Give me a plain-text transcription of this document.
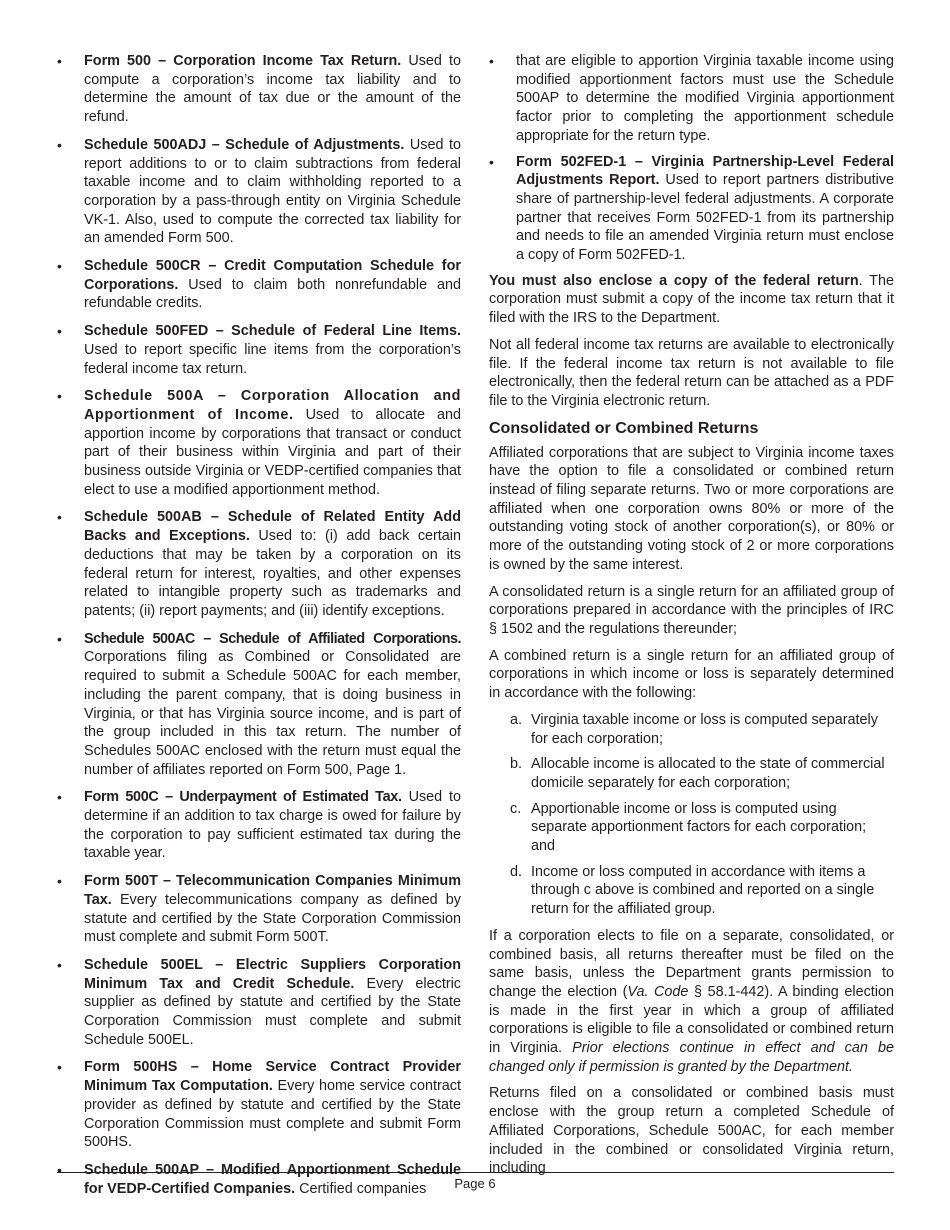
• Form 500 – Corporation Income Tax Return. Used to compute a corporation’s income tax liability and to determine the amount of tax due or the amount of the refund.
• Schedule 500ADJ – Schedule of Adjustments. Used to report additions to or to claim subtractions from federal taxable income and to claim withholding reported to a corporation by a pass-through entity on Virginia Schedule VK-1. Also, used to compute the corrected tax liability for an amended Form 500.
• Schedule 500CR – Credit Computation Schedule for Corporations. Used to claim both nonrefundable and refundable credits.
• Schedule 500FED – Schedule of Federal Line Items. Used to report specific line items from the corporation’s federal income tax return.
• Schedule 500A – Corporation Allocation and Apportionment of Income. Used to allocate and apportion income by corporations that transact or conduct part of their business within Virginia and part of their business outside Virginia or VEDP-certified companies that elect to use a modified apportionment method.
• Schedule 500AB – Schedule of Related Entity Add Backs and Exceptions. Used to: (i) add back certain deductions that may be taken by a corporation on its federal return for interest, royalties, and other expenses related to intangible property such as trademarks and patents; (ii) report payments; and (iii) identify exceptions.
• Schedule 500AC – Schedule of Affiliated Corporations. Corporations filing as Combined or Consolidated are required to submit a Schedule 500AC for each member, including the parent company, that is doing business in Virginia, or that has Virginia source income, and is part of the group included in this tax return. The number of Schedules 500AC enclosed with the return must equal the number of affiliates reported on Form 500, Page 1.
• Form 500C – Underpayment of Estimated Tax. Used to determine if an addition to tax charge is owed for failure by the corporation to pay sufficient estimated tax during the taxable year.
• Form 500T – Telecommunication Companies Minimum Tax. Every telecommunications company as defined by statute and certified by the State Corporation Commission must complete and submit Form 500T.
• Schedule 500EL – Electric Suppliers Corporation Minimum Tax and Credit Schedule. Every electric supplier as defined by statute and certified by the State Corporation Commission must complete and submit Schedule 500EL.
• Form 500HS – Home Service Contract Provider Minimum Tax Computation. Every home service contract provider as defined by statute and certified by the State Corporation Commission must complete and submit Form 500HS.
• Schedule 500AP – Modified Apportionment Schedule for VEDP-Certified Companies. Certified companies
• that are eligible to apportion Virginia taxable income using modified apportionment factors must use the Schedule 500AP to determine the modified Virginia apportionment factor prior to completing the apportionment schedule appropriate for the return type.
• Form 502FED-1 – Virginia Partnership-Level Federal Adjustments Report. Used to report partners distributive share of partnership-level federal adjustments. A corporate partner that receives Form 502FED-1 from its partnership and needs to file an amended Virginia return must enclose a copy of Form 502FED-1.

You must also enclose a copy of the federal return. The corporation must submit a copy of the income tax return that it filed with the IRS to the Department.

Not all federal income tax returns are available to electronically file. If the federal income tax return is not available to file electronically, then the federal return can be attached as a PDF file to the Virginia electronic return.

Consolidated or Combined Returns

Affiliated corporations that are subject to Virginia income taxes have the option to file a consolidated or combined return instead of filing separate returns. Two or more corporations are affiliated when one corporation owns 80% or more of the outstanding voting stock of another corporation(s), or 80% or more of the outstanding voting stock of 2 or more corporations is owned by the same interest.

A consolidated return is a single return for an affiliated group of corporations prepared in accordance with the principles of IRC § 1502 and the regulations thereunder;

A combined return is a single return for an affiliated group of corporations in which income or loss is separately determined in accordance with the following:

a. Virginia taxable income or loss is computed separately for each corporation;
b. Allocable income is allocated to the state of commercial domicile separately for each corporation;
c. Apportionable income or loss is computed using separate apportionment factors for each corporation; and
d. Income or loss computed in accordance with items a through c above is combined and reported on a single return for the affiliated group.

If a corporation elects to file on a separate, consolidated, or combined basis, all returns thereafter must be filed on the same basis, unless the Department grants permission to change the election (Va. Code § 58.1-442). A binding election is made in the first year in which a group of affiliated corporations is eligible to file a consolidated or combined return in Virginia. Prior elections continue in effect and can be changed only if permission is granted by the Department.

Returns filed on a consolidated or combined basis must enclose with the group return a completed Schedule of Affiliated Corporations, Schedule 500AC, for each member included in the combined or consolidated Virginia return, including

Page 6
